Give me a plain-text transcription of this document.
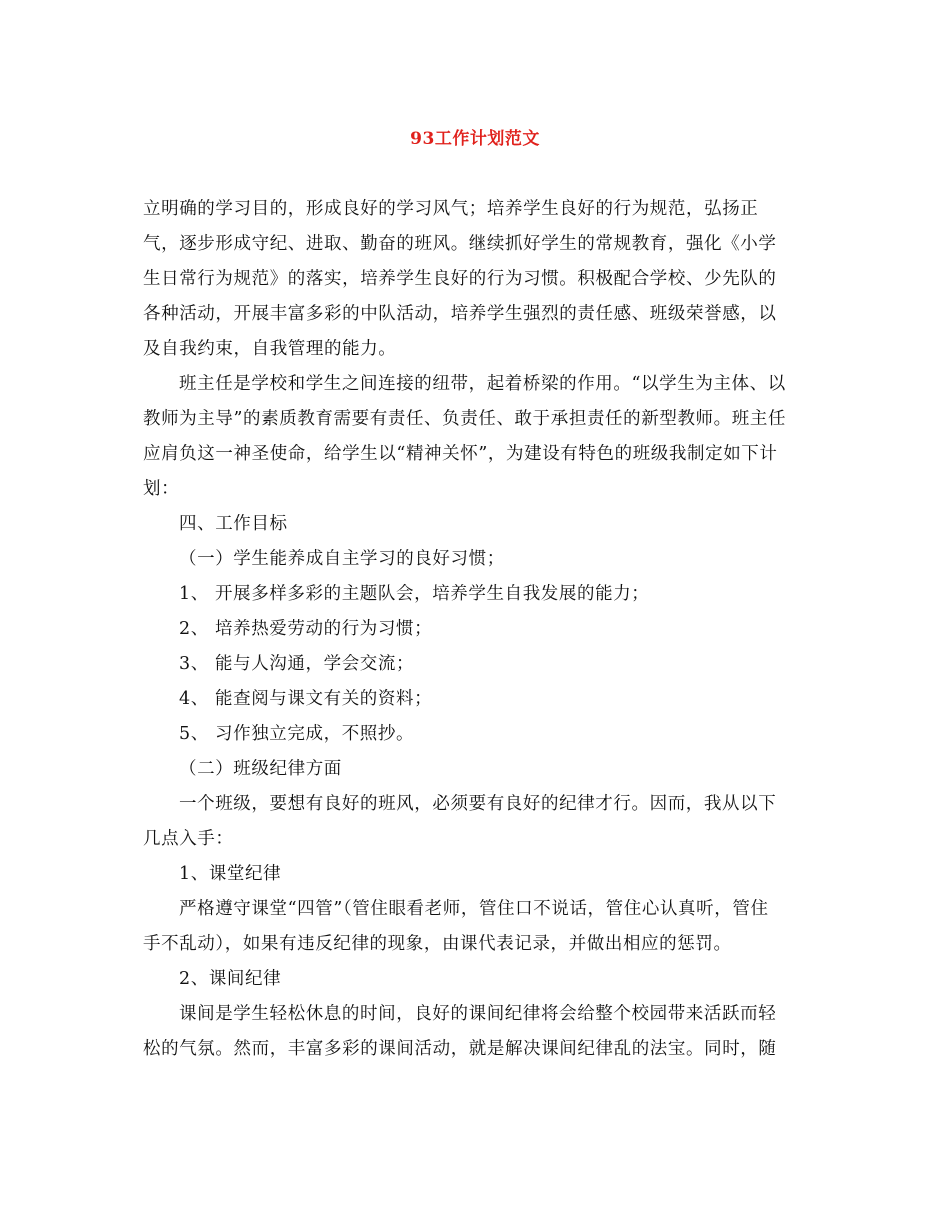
93工作计划范文
立明确的学习目的，形成良好的学习风气；培养学生良好的行为规范，弘扬正
气，逐步形成守纪、进取、勤奋的班风。继续抓好学生的常规教育，强化《小学
生日常行为规范》的落实，培养学生良好的行为习惯。积极配合学校、少先队的
各种活动，开展丰富多彩的中队活动，培养学生强烈的责任感、班级荣誉感，以
及自我约束，自我管理的能力。
班主任是学校和学生之间连接的纽带，起着桥梁的作用。“以学生为主体、以
教师为主导”的素质教育需要有责任、负责任、敢于承担责任的新型教师。班主任
应肩负这一神圣使命，给学生以“精神关怀”，为建设有特色的班级我制定如下计
划：
四、工作目标
（一）学生能养成自主学习的良好习惯；
1、 开展多样多彩的主题队会，培养学生自我发展的能力；
2、 培养热爱劳动的行为习惯；
3、 能与人沟通，学会交流；
4、 能查阅与课文有关的资料；
5、 习作独立完成，不照抄。
（二）班级纪律方面
一个班级，要想有良好的班风，必须要有良好的纪律才行。因而，我从以下
几点入手：
1、课堂纪律
严格遵守课堂“四管”（管住眼看老师，管住口不说话，管住心认真听，管住
手不乱动），如果有违反纪律的现象，由课代表记录，并做出相应的惩罚。
2、课间纪律
课间是学生轻松休息的时间，良好的课间纪律将会给整个校园带来活跃而轻
松的气氛。然而，丰富多彩的课间活动，就是解决课间纪律乱的法宝。同时，随
